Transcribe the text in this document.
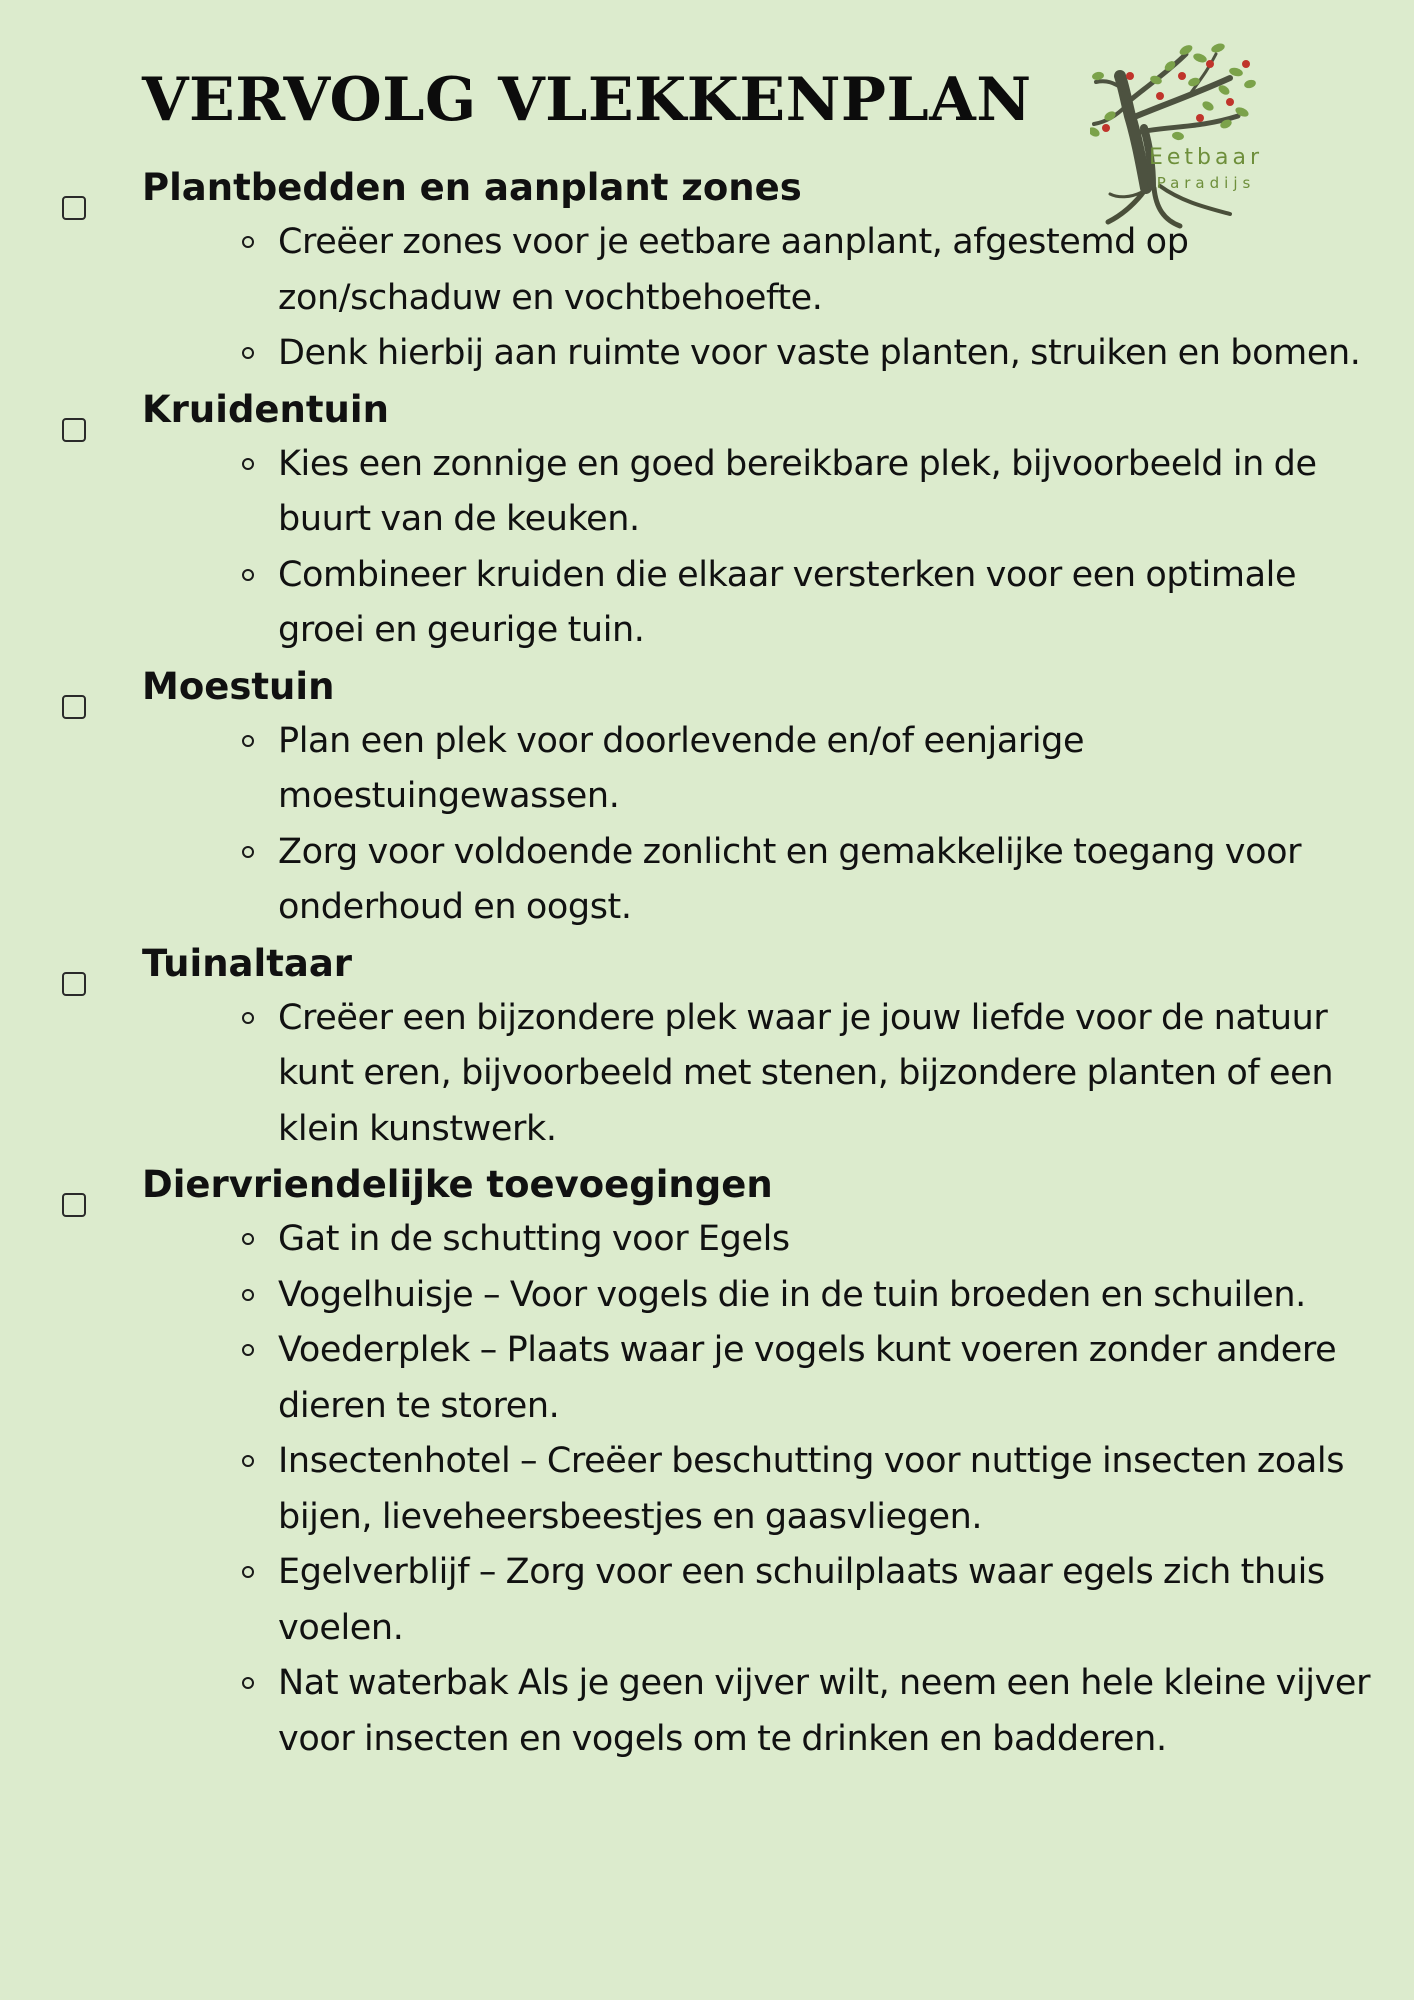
VERVOLG VLEKKENPLAN
Eetbaar
Paradijs
Plantbedden en aanplant zones
Creëer zones voor je eetbare aanplant, afgestemd op zon/schaduw en vochtbehoefte.
Denk hierbij aan ruimte voor vaste planten, struiken en bomen.
Kruidentuin
Kies een zonnige en goed bereikbare plek, bijvoorbeeld in de buurt van de keuken.
Combineer kruiden die elkaar versterken voor een optimale groei en geurige tuin.
Moestuin
Plan een plek voor doorlevende en/of eenjarige moestuingewassen.
Zorg voor voldoende zonlicht en gemakkelijke toegang voor onderhoud en oogst.
Tuinaltaar
Creëer een bijzondere plek waar je jouw liefde voor de natuur kunt eren, bijvoorbeeld met stenen, bijzondere planten of een klein kunstwerk.
Diervriendelijke toevoegingen
Gat in de schutting voor Egels
Vogelhuisje – Voor vogels die in de tuin broeden en schuilen.
Voederplek – Plaats waar je vogels kunt voeren zonder andere dieren te storen.
Insectenhotel – Creëer beschutting voor nuttige insecten zoals bijen, lieveheersbeestjes en gaasvliegen.
Egelverblijf – Zorg voor een schuilplaats waar egels zich thuis voelen.
Nat waterbak Als je geen vijver wilt, neem een hele kleine vijver voor insecten en vogels om te drinken en badderen.
